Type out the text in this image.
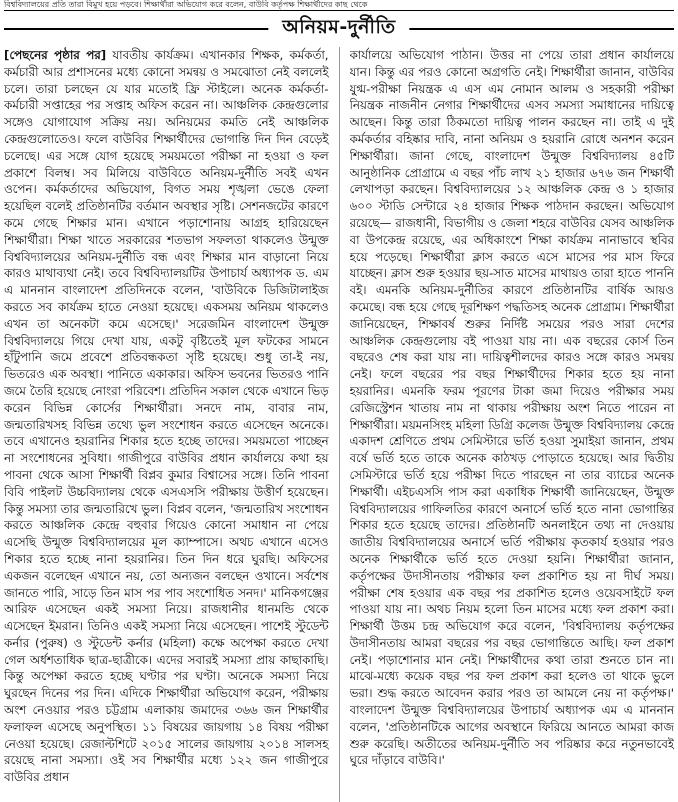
বিশ্ববিদ্যালয়ের প্রতি তারা বিমুখ হয়ে পড়বে। শিক্ষার্থীরা অভিযোগ করে বলেন, বাউবি কর্তৃপক্ষ শিক্ষার্থীদের কাছ থেকে
অনিয়ম-দুর্নীতি

[পেছনের পৃষ্ঠার পর] যাবতীয় কার্যক্রম। এখানকার শিক্ষক, কর্মকর্তা, কর্মচারী আর প্রশাসনের মধ্যে কোনো সমন্বয় ও সমঝোতা নেই বললেই চলে। তারা চলছেন যে যার মতোই ফ্রি স্টাইলে। অনেক কর্মকর্তা-কর্মচারী সপ্তাহের পর সপ্তাহ অফিস করেন না। আঞ্চলিক কেন্দ্রগুলোর সঙ্গেও যোগাযোগ সক্রিয় নয়। অনিয়মের কমতি নেই আঞ্চলিক কেন্দ্রগুলোতেও। ফলে বাউবির শিক্ষার্থীদের ভোগান্তি দিন দিন বেড়েই চলেছে। এর সঙ্গে যোগ হয়েছে সময়মতো পরীক্ষা না হওয়া ও ফল প্রকাশে বিলম্ব। সব মিলিয়ে বাউবিতে অনিয়ম-দুর্নীতি সবই এখন ওপেন। কর্মকর্তাদের অভিযোগ, বিগত সময় শৃঙ্খলা ভেঙে ফেলা হয়েছিল বলেই প্রতিষ্ঠানটির বর্তমান অবস্থার সৃষ্টি। সেশনজটের কারণে কমে গেছে শিক্ষার মান। এখানে পড়াশোনায় আগ্রহ হারিয়েছেন শিক্ষার্থীরা। শিক্ষা খাতে সরকারের শতভাগ সফলতা থাকলেও উন্মুক্ত বিশ্ববিদ্যালয়ের অনিয়ম-দুর্নীতি বন্ধ এবং শিক্ষার মান বাড়ানো নিয়ে কারও মাথাব্যথা নেই। তবে বিশ্ববিদ্যালয়টির উপাচার্য অধ্যাপক ড. এম এ মাননান বাংলাদেশ প্রতিদিনকে বলেন, 'বাউবিকে ডিজিটালাইজ করতে সব কার্যক্রম হাতে নেওয়া হয়েছে। একসময় অনিয়ম থাকলেও এখন তা অনেকটা কমে এসেছে।' সরেজমিন বাংলাদেশ উন্মুক্ত বিশ্ববিদ্যালয়ে গিয়ে দেখা যায়, একটু বৃষ্টিতেই মূল ফটকের সামনে হাঁটুপানি জমে প্রবেশে প্রতিবন্ধকতা সৃষ্টি হয়েছে। শুধু তা-ই নয়, ভিতরেও এক অবস্থা। পানিতে একাকার। অফিস ভবনের ভিতরও পানি জমে তৈরি হয়েছে নোংরা পরিবেশ। প্রতিদিন সকাল থেকে এখানে ভিড় করেন বিভিন্ন কোর্সের শিক্ষার্থীরা। সনদে নাম, বাবার নাম, জন্মতারিখসহ বিভিন্ন তথ্যে ভুল সংশোধন করতে এসেছেন অনেকে। তবে এখানেও হয়রানির শিকার হতে হচ্ছে তাদের। সময়মতো পাচ্ছেন না সংশোধনের সুবিধা। গাজীপুরে বাউবির প্রধান কার্যালয়ে কথা হয় পাবনা থেকে আসা শিক্ষার্থী বিপ্লব কুমার বিশ্বাসের সঙ্গে। তিনি পাবনা বিবি পাইলট উচ্চবিদ্যালয় থেকে এসএসসি পরীক্ষায় উত্তীর্ণ হয়েছেন। কিন্তু সমস্যা তার জন্মতারিখে ভুল। বিপ্লব বলেন, 'জন্মতারিখ সংশোধন করতে আঞ্চলিক কেন্দ্রে বহুবার গিয়েও কোনো সমাধান না পেয়ে এসেছি উন্মুক্ত বিশ্ববিদ্যালয়ের মূল ক্যাম্পাসে। অথচ এখানে এসেও শিকার হতে হচ্ছে নানা হয়রানির। তিন দিন ধরে ঘুরছি। অফিসের একজন বলেছেন এখানে নয়, তো অন্যজন বলছেন ওখানে। সর্বশেষ জানতে পারি, সাড়ে তিন মাস পর পাব সংশোধিত সনদ।' মানিকগঞ্জের আরিফ এসেছেন একই সমস্যা নিয়ে। রাজধানীর ধানমন্ডি থেকে এসেছেন ইমরান। তিনিও একই সমস্যা নিয়ে এসেছেন। পাশেই স্টুডেন্ট কর্নার (পুরুষ) ও স্টুডেন্ট কর্নার (মহিলা) কক্ষে অপেক্ষা করতে দেখা গেল অর্ধশতাধিক ছাত্র-ছাত্রীকে। এদের সবারই সমস্যা প্রায় কাছাকাছি। কিন্তু অপেক্ষা করতে হচ্ছে ঘণ্টার পর ঘণ্টা। অনেকে সমস্যা নিয়ে ঘুরছেন দিনের পর দিন। এদিকে শিক্ষার্থীরা অভিযোগ করেন, পরীক্ষায় অংশ নেওয়ার পরও চট্টগ্রাম এলাকায় জমাদের ৩৬৬ জন শিক্ষার্থীর ফলাফল এসেছে অনুপস্থিত। ১১ বিষয়ের জায়গায় ১৪ বিষয় পরীক্ষা নেওয়া হয়েছে। রেজাল্টশিটে ২০১৫ সালের জায়গায় ২০১৪ সালসহ রয়েছে নানা সমস্যা। ওই সব শিক্ষার্থীর মধ্যে ১২২ জন গাজীপুরে বাউবির প্রধান

কার্যালয়ে অভিযোগ পাঠান। উত্তর না পেয়ে তারা প্রধান কার্যালয়ে যান। কিন্তু এর পরও কোনো অগ্রগতি নেই। শিক্ষার্থীরা জানান, বাউবির যুগ্ম-পরীক্ষা নিয়ন্ত্রক এ এস এম নোমান আলম ও সহকারী পরীক্ষা নিয়ন্ত্রক নাজনীন নেগার শিক্ষার্থীদের এসব সমস্যা সমাধানের দায়িত্বে আছেন। কিন্তু তারা ঠিকমতো দায়িত্ব পালন করছেন না। তাই এ দুই কর্মকর্তার বহিষ্কার দাবি, নানা অনিয়ম ও হয়রানি রোধে অনশন করেন শিক্ষার্থীরা। জানা গেছে, বাংলাদেশ উন্মুক্ত বিশ্ববিদ্যালয় ৪৫টি আনুষ্ঠানিক প্রোগ্রামে এ বছর পাঁচ লাখ ২১ হাজার ৬৭৬ জন শিক্ষার্থী লেখাপড়া করছেন। বিশ্ববিদ্যালয়ের ১২ আঞ্চলিক কেন্দ্র ও ১ হাজার ৬০০ স্টাডি সেন্টারে ২৪ হাজার শিক্ষক পাঠদান করছেন। অভিযোগ রয়েছে— রাজধানী, বিভাগীয় ও জেলা শহরে বাউবির যেসব আঞ্চলিক বা উপকেন্দ্র রয়েছে, এর অধিকাংশে শিক্ষা কার্যক্রম নানাভাবে স্থবির হয়ে পড়েছে। শিক্ষার্থীরা ক্লাস করতে এসে মাসের পর মাস ফিরে যাচ্ছেন। ক্লাস শুরু হওয়ার ছয়-সাত মাসের মাথায়ও তারা হাতে পাননি বই। এমনকি অনিয়ম-দুর্নীতির কারণে প্রতিষ্ঠানটির বার্ষিক আয়ও কমেছে। বন্ধ হয়ে গেছে দূরশিক্ষণ পদ্ধতিসহ অনেক প্রোগ্রাম। শিক্ষার্থীরা জানিয়েছেন, শিক্ষাবর্ষ শুরুর নির্দিষ্ট সময়ের পরও সারা দেশের আঞ্চলিক কেন্দ্রগুলোয় বই পাওয়া যায় না। এক বছরের কোর্স তিন বছরেও শেষ করা যায় না। দায়িত্বশীলদের কারও সঙ্গে কারও সমন্বয় নেই। ফলে বছরের পর বছর শিক্ষার্থীদের শিকার হতে হয় নানা হয়রানির। এমনকি ফরম পূরণের টাকা জমা দিয়েও পরীক্ষার সময় রেজিস্ট্রেশন খাতায় নাম না থাকায় পরীক্ষায় অংশ নিতে পারেন না শিক্ষার্থীরা। ময়মনসিংহ মহিলা ডিগ্রি কলেজ উন্মুক্ত বিশ্ববিদ্যালয় কেন্দ্রে একাদশ শ্রেণিতে প্রথম সেমিস্টারে ভর্তি হওয়া সুমাইয়া জানান, প্রথম বর্ষে ভর্তি হতে তাকে অনেক কাঠখড় পোড়াতে হয়েছে। আর দ্বিতীয় সেমিস্টারে ভর্তি হয়ে পরীক্ষা দিতে পারছেন না তার ব্যাচের অনেক শিক্ষার্থী। এইচএসসি পাস করা একাধিক শিক্ষার্থী জানিয়েছেন, উন্মুক্ত বিশ্ববিদ্যালয়ের গাফিলতির কারণে অনার্সে ভর্তি হতে নানা ভোগান্তির শিকার হতে হয়েছে তাদের। প্রতিষ্ঠানটি অনলাইনে তথ্য না দেওয়ায় জাতীয় বিশ্ববিদ্যালয়ের অনার্সে ভর্তি পরীক্ষায় কৃতকার্য হওয়ার পরও অনেক শিক্ষার্থীকে ভর্তি হতে দেওয়া হয়নি। শিক্ষার্থীরা জানান, কর্তৃপক্ষের উদাসীনতায় পরীক্ষার ফল প্রকাশিত হয় না দীর্ঘ সময়। পরীক্ষা শেষ হওয়ার এক বছর পর প্রকাশিত হলেও ওয়েবসাইটে ফল পাওয়া যায় না। অথচ নিয়ম হলো তিন মাসের মধ্যে ফল প্রকাশ করা। শিক্ষার্থী উত্তম চন্দ্র অভিযোগ করে বলেন, 'বিশ্ববিদ্যালয় কর্তৃপক্ষের উদাসীনতায় আমরা বছরের পর বছর ভোগান্তিতে আছি। ফল প্রকাশ নেই। পড়াশোনার মান নেই। শিক্ষার্থীদের কথা তারা শুনতে চান না। মাঝে-মধ্যে কয়েক বছর পর ফল প্রকাশ করা হলেও তা থাকে ভুলে ভরা। শুদ্ধ করতে আবেদন করার পরও তা আমলে নেয় না কর্তৃপক্ষ।' বাংলাদেশ উন্মুক্ত বিশ্ববিদ্যালয়ের উপাচার্য অধ্যাপক এম এ মাননান বলেন, 'প্রতিষ্ঠানটিকে আগের অবস্থানে ফিরিয়ে আনতে আমরা কাজ শুরু করেছি। অতীতের অনিয়ম-দুর্নীতি সব পরিষ্কার করে নতুনভাবেই ঘুরে দাঁড়াবে বাউবি।'
